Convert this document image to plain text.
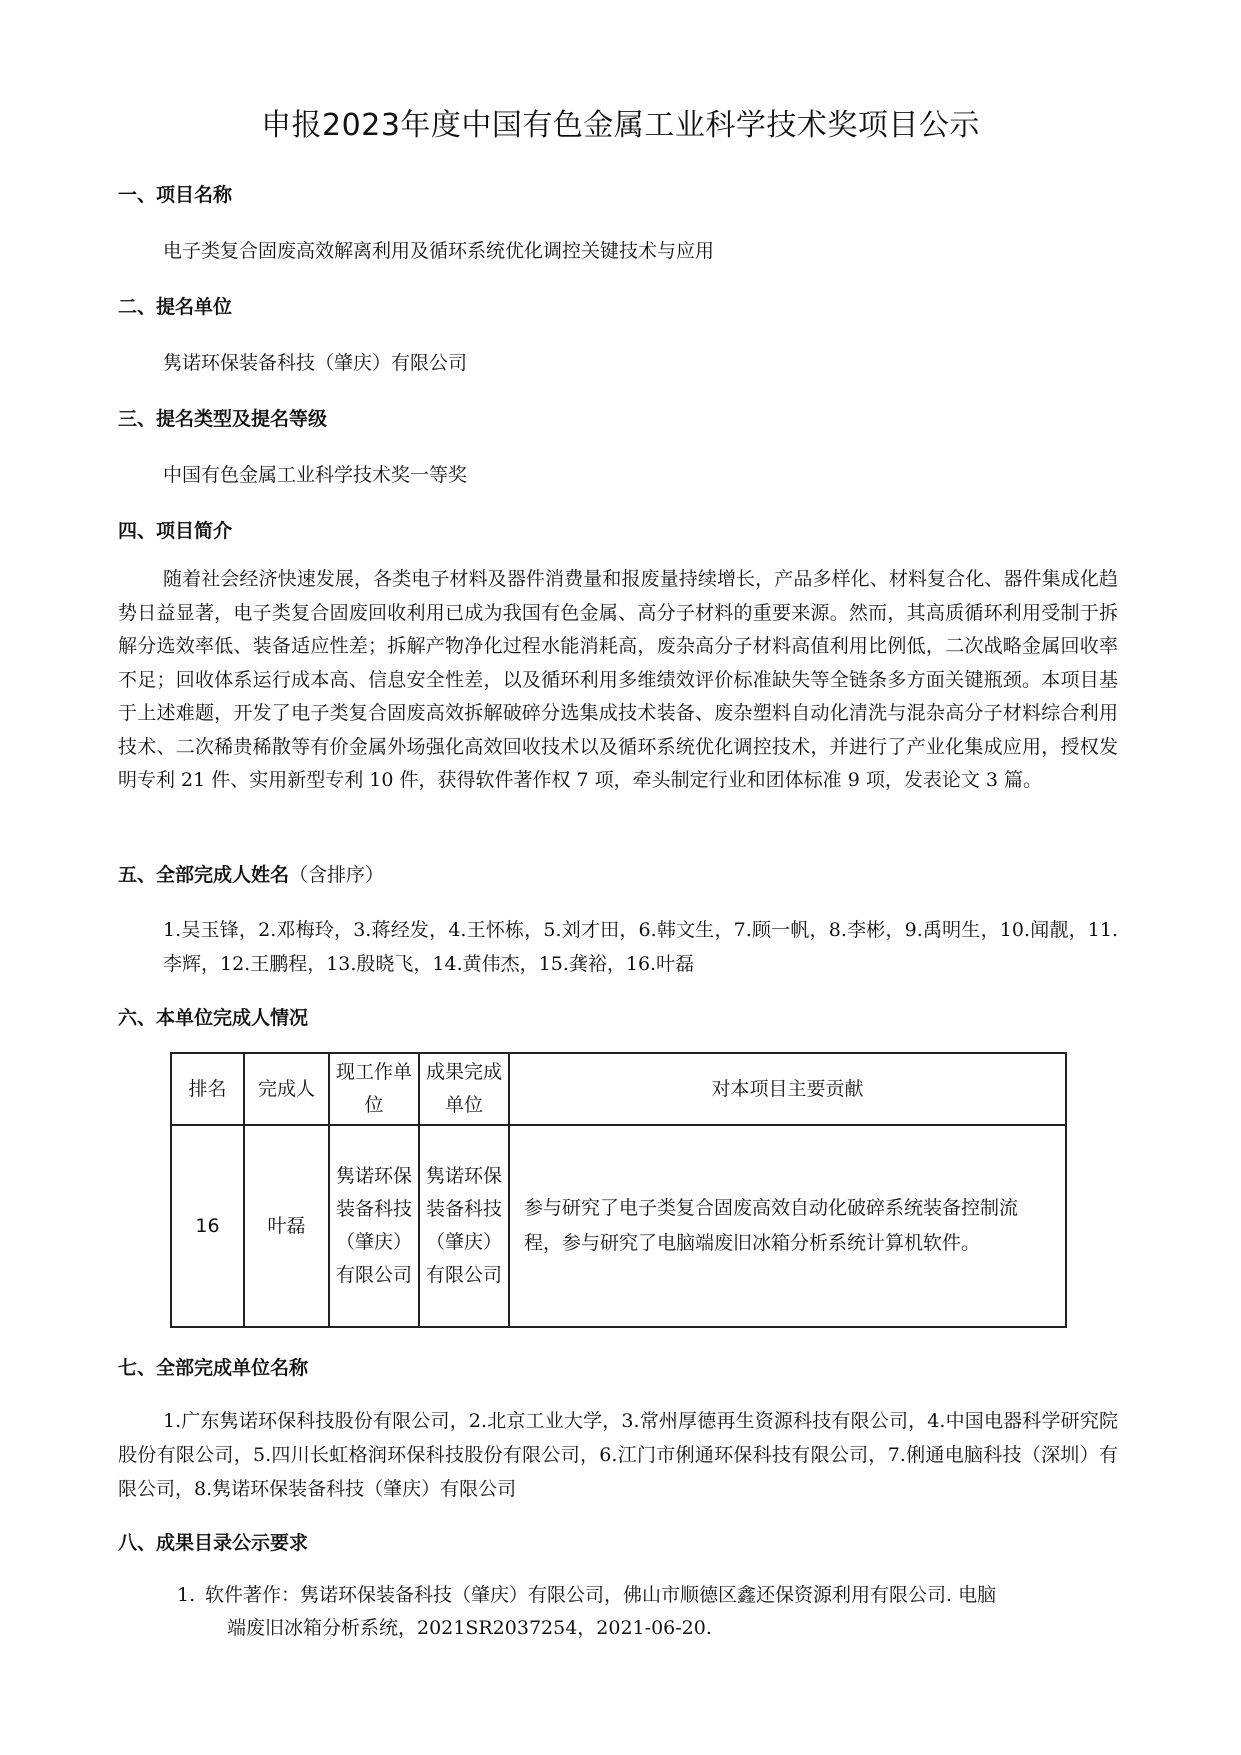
申报2023年度中国有色金属工业科学技术奖项目公示
一、项目名称
电子类复合固废高效解离利用及循环系统优化调控关键技术与应用
二、提名单位
隽诺环保装备科技（肇庆）有限公司
三、提名类型及提名等级
中国有色金属工业科学技术奖一等奖
四、项目简介

随着社会经济快速发展，各类电子材料及器件消费量和报废量持续增长，产品多样化、材料复合化、器件集成化趋势日益显著，电子类复合固废回收利用已成为我国有色金属、高分子材料的重要来源。然而，其高质循环利用受制于拆解分选效率低、装备适应性差；拆解产物净化过程水能消耗高，废杂高分子材料高值利用比例低，二次战略金属回收率不足；回收体系运行成本高、信息安全性差，以及循环利用多维绩效评价标准缺失等全链条多方面关键瓶颈。本项目基于上述难题，开发了电子类复合固废高效拆解破碎分选集成技术装备、废杂塑料自动化清洗与混杂高分子材料综合利用技术、二次稀贵稀散等有价金属外场强化高效回收技术以及循环系统优化调控技术，并进行了产业化集成应用，授权发明专利 21 件、实用新型专利 10 件，获得软件著作权 7 项，牵头制定行业和团体标准 9 项，发表论文 3 篇。

五、全部完成人姓名（含排序）

1.吴玉锋，2.邓梅玲，3.蒋经发，4.王怀栋，5.刘才田，6.韩文生，7.顾一帆，8.李彬，9.禹明生，10.闻靓，11.李辉，12.王鹏程，13.殷晓飞，14.黄伟杰，15.龚裕，16.叶磊

六、本单位完成人情况
排名	完成人	现工作单位	成果完成单位	对本项目主要贡献
16	叶磊	隽诺环保装备科技（肇庆）有限公司	隽诺环保装备科技（肇庆）有限公司	参与研究了电子类复合固废高效自动化破碎系统装备控制流程，参与研究了电脑端废旧冰箱分析系统计算机软件。
七、全部完成单位名称

1.广东隽诺环保科技股份有限公司，2.北京工业大学，3.常州厚德再生资源科技有限公司，4.中国电器科学研究院股份有限公司，5.四川长虹格润环保科技股份有限公司，6.江门市俐通环保科技有限公司，7.俐通电脑科技（深圳）有限公司，8.隽诺环保装备科技（肇庆）有限公司

八、成果目录公示要求
1. 软件著作：隽诺环保装备科技（肇庆）有限公司，佛山市顺德区鑫还保资源利用有限公司. 电脑
端废旧冰箱分析系统，2021SR2037254，2021-06-20.
